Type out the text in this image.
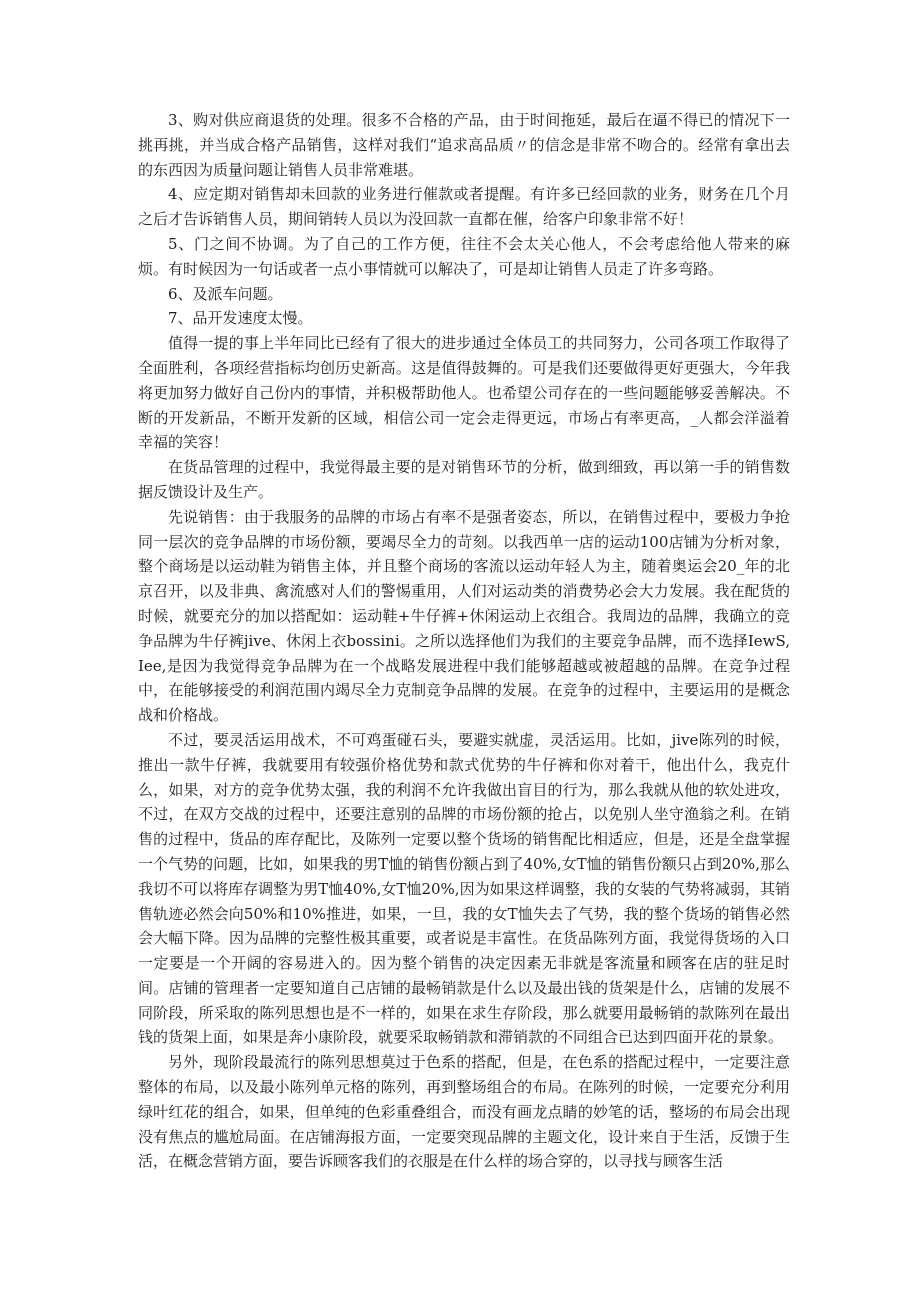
3、购对供应商退货的处理。很多不合格的产品，由于时间拖延，最后在逼不得已的情况下一挑再挑，并当成合格产品销售，这样对我们“追求高品质〃的信念是非常不吻合的。经常有拿出去的东西因为质量问题让销售人员非常难堪。

4、应定期对销售却未回款的业务进行催款或者提醒。有许多已经回款的业务，财务在几个月之后才告诉销售人员，期间销转人员以为没回款一直都在催，给客户印象非常不好！

5、门之间不协调。为了自己的工作方便，往往不会太关心他人，不会考虑给他人带来的麻烦。有时候因为一句话或者一点小事情就可以解决了，可是却让销售人员走了许多弯路。

6、及派车问题。

7、品开发速度太慢。

值得一提的事上半年同比已经有了很大的进步通过全体员工的共同努力，公司各项工作取得了全面胜利，各项经营指标均创历史新高。这是值得鼓舞的。可是我们还要做得更好更强大，今年我将更加努力做好自己份内的事情，并积极帮助他人。也希望公司存在的一些问题能够妥善解决。不断的开发新品，不断开发新的区域，相信公司一定会走得更远，市场占有率更高，_人都会洋溢着幸福的笑容！

在货品管理的过程中，我觉得最主要的是对销售环节的分析，做到细致，再以第一手的销售数据反馈设计及生产。

先说销售：由于我服务的品牌的市场占有率不是强者姿态，所以，在销售过程中，要极力争抢同一层次的竞争品牌的市场份额，要竭尽全力的苛刻。以我西单一店的运动100店铺为分析对象，整个商场是以运动鞋为销售主体，并且整个商场的客流以运动年轻人为主，随着奥运会20_年的北京召开，以及非典、禽流感对人们的警惕重用，人们对运动类的消费势必会大力发展。我在配货的时候，就要充分的加以搭配如：运动鞋+牛仔裤+休闲运动上衣组合。我周边的品牌，我确立的竞争品牌为牛仔裤jive、休闲上衣bossini。之所以选择他们为我们的主要竞争品牌，而不选择IewS,Iee,是因为我觉得竞争品牌为在一个战略发展进程中我们能够超越或被超越的品牌。在竞争过程中，在能够接受的利润范围内竭尽全力克制竞争品牌的发展。在竞争的过程中，主要运用的是概念战和价格战。

不过，要灵活运用战术，不可鸡蛋碰石头，要避实就虚，灵活运用。比如，jive陈列的时候，推出一款牛仔裤，我就要用有较强价格优势和款式优势的牛仔裤和你对着干，他出什么，我克什么，如果，对方的竞争优势太强，我的利润不允许我做出盲目的行为，那么我就从他的软处进攻，不过，在双方交战的过程中，还要注意别的品牌的市场份额的抢占，以免别人坐守渔翁之利。在销售的过程中，货品的库存配比，及陈列一定要以整个货场的销售配比相适应，但是，还是全盘掌握一个气势的问题，比如，如果我的男T恤的销售份额占到了40%,女T恤的销售份额只占到20%,那么我切不可以将库存调整为男T恤40%,女T恤20%,因为如果这样调整，我的女装的气势将减弱，其销售轨迹必然会向50%和10%推进，如果，一旦，我的女T恤失去了气势，我的整个货场的销售必然会大幅下降。因为品牌的完整性极其重要，或者说是丰富性。在货品陈列方面，我觉得货场的入口一定要是一个开阔的容易进入的。因为整个销售的决定因素无非就是客流量和顾客在店的驻足时间。店铺的管理者一定要知道自己店铺的最畅销款是什么以及最出钱的货架是什么，店铺的发展不同阶段，所采取的陈列思想也是不一样的，如果在求生存阶段，那么就要用最畅销的款陈列在最出钱的货架上面，如果是奔小康阶段，就要采取畅销款和滞销款的不同组合已达到四面开花的景象。

另外，现阶段最流行的陈列思想莫过于色系的搭配，但是，在色系的搭配过程中，一定要注意整体的布局，以及最小陈列单元格的陈列，再到整场组合的布局。在陈列的时候，一定要充分利用绿叶红花的组合，如果，但单纯的色彩重叠组合，而没有画龙点睛的妙笔的话，整场的布局会出现没有焦点的尴尬局面。在店铺海报方面，一定要突现品牌的主题文化，设计来自于生活，反馈于生活，在概念营销方面，要告诉顾客我们的衣服是在什么样的场合穿的，以寻找与顾客生活
